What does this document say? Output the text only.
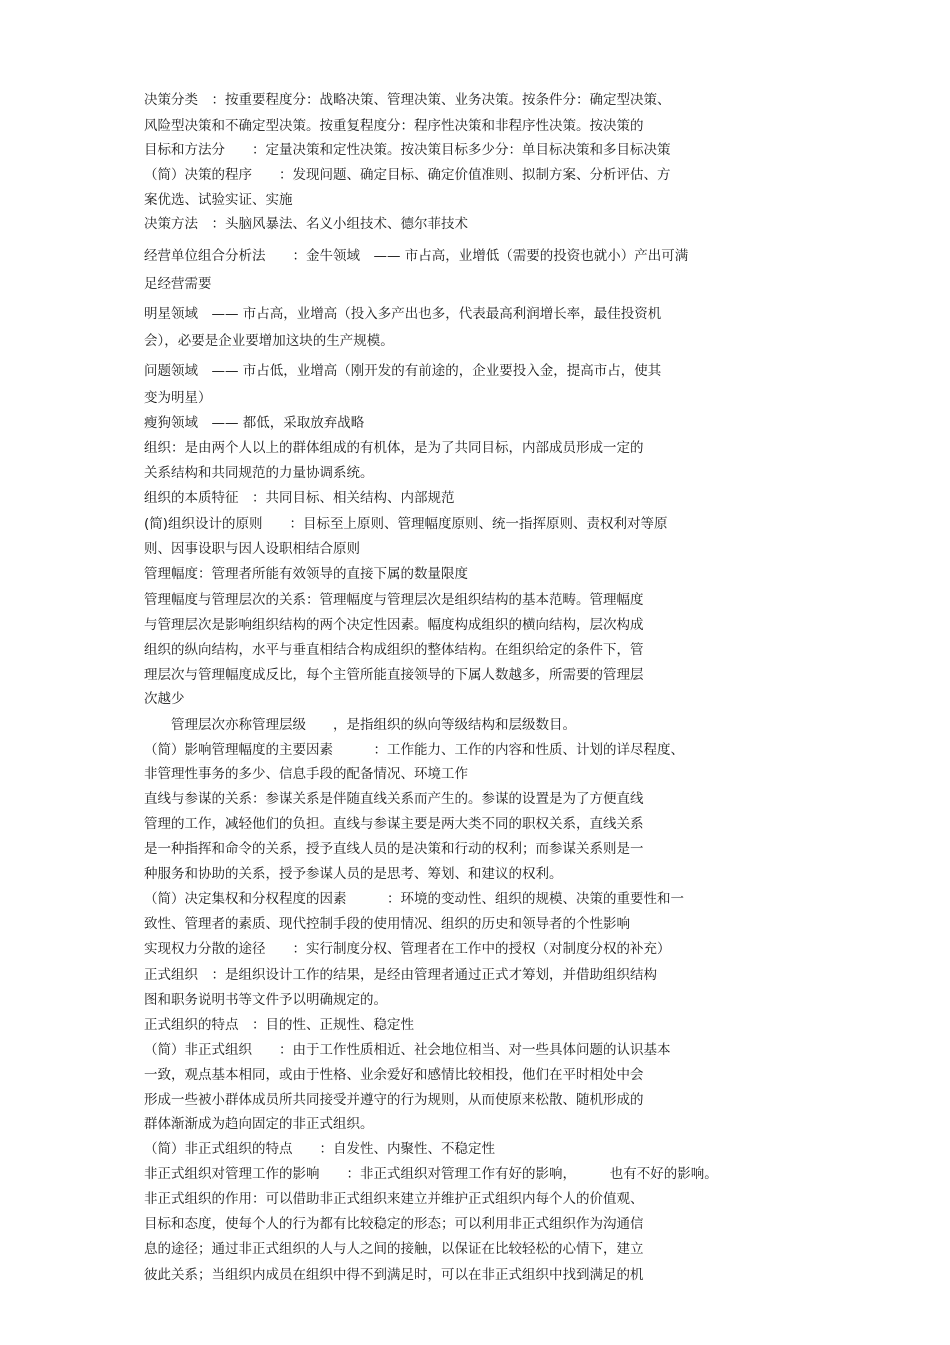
决策分类　：按重要程度分：战略决策、管理决策、业务决策。按条件分：确定型决策、

风险型决策和不确定型决策。按重复程度分：程序性决策和非程序性决策。按决策的

目标和方法分　　：定量决策和定性决策。按决策目标多少分：单目标决策和多目标决策

（简）决策的程序　　：发现问题、确定目标、确定价值准则、拟制方案、分析评估、方

案优选、试验实证、实施

决策方法　：头脑风暴法、名义小组技术、德尔菲技术

经营单位组合分析法　　：金牛领域　—— 市占高，业增低（需要的投资也就小）产出可满

足经营需要

明星领域　—— 市占高，业增高（投入多产出也多，代表最高利润增长率，最佳投资机

会），必要是企业要增加这块的生产规模。

问题领域　—— 市占低，业增高（刚开发的有前途的，企业要投入金，提高市占，使其

变为明星）

瘦狗领域　—— 都低，采取放弃战略

组织：是由两个人以上的群体组成的有机体，是为了共同目标，内部成员形成一定的

关系结构和共同规范的力量协调系统。

组织的本质特征　：共同目标、相关结构、内部规范

(简)组织设计的原则　　：目标至上原则、管理幅度原则、统一指挥原则、责权利对等原

则、因事设职与因人设职相结合原则

管理幅度：管理者所能有效领导的直接下属的数量限度

管理幅度与管理层次的关系：管理幅度与管理层次是组织结构的基本范畴。管理幅度

与管理层次是影响组织结构的两个决定性因素。幅度构成组织的横向结构，层次构成

组织的纵向结构，水平与垂直相结合构成组织的整体结构。在组织给定的条件下，管

理层次与管理幅度成反比，每个主管所能直接领导的下属人数越多，所需要的管理层

次越少

　　管理层次亦称管理层级　　，是指组织的纵向等级结构和层级数目。

（简）影响管理幅度的主要因素　　　：工作能力、工作的内容和性质、计划的详尽程度、

非管理性事务的多少、信息手段的配备情况、环境工作

直线与参谋的关系：参谋关系是伴随直线关系而产生的。参谋的设置是为了方便直线

管理的工作，减轻他们的负担。直线与参谋主要是两大类不同的职权关系，直线关系

是一种指挥和命令的关系，授予直线人员的是决策和行动的权利；而参谋关系则是一

种服务和协助的关系，授予参谋人员的是思考、筹划、和建议的权利。

（简）决定集权和分权程度的因素　　　：环境的变动性、组织的规模、决策的重要性和一

致性、管理者的素质、现代控制手段的使用情况、组织的历史和领导者的个性影响

实现权力分散的途径　　：实行制度分权、管理者在工作中的授权（对制度分权的补充）

正式组织　：是组织设计工作的结果，是经由管理者通过正式才筹划，并借助组织结构

图和职务说明书等文件予以明确规定的。

正式组织的特点　：目的性、正规性、稳定性

（简）非正式组织　　：由于工作性质相近、社会地位相当、对一些具体问题的认识基本

一致，观点基本相同，或由于性格、业余爱好和感情比较相投，他们在平时相处中会

形成一些被小群体成员所共同接受并遵守的行为规则，从而使原来松散、随机形成的

群体渐渐成为趋向固定的非正式组织。

（简）非正式组织的特点　　：自发性、内聚性、不稳定性

非正式组织对管理工作的影响　　：非正式组织对管理工作有好的影响，　　　也有不好的影响。

非正式组织的作用：可以借助非正式组织来建立并维护正式组织内每个人的价值观、

目标和态度，使每个人的行为都有比较稳定的形态；可以利用非正式组织作为沟通信

息的途径；通过非正式组织的人与人之间的接触，以保证在比较轻松的心情下，建立

彼此关系；当组织内成员在组织中得不到满足时，可以在非正式组织中找到满足的机
